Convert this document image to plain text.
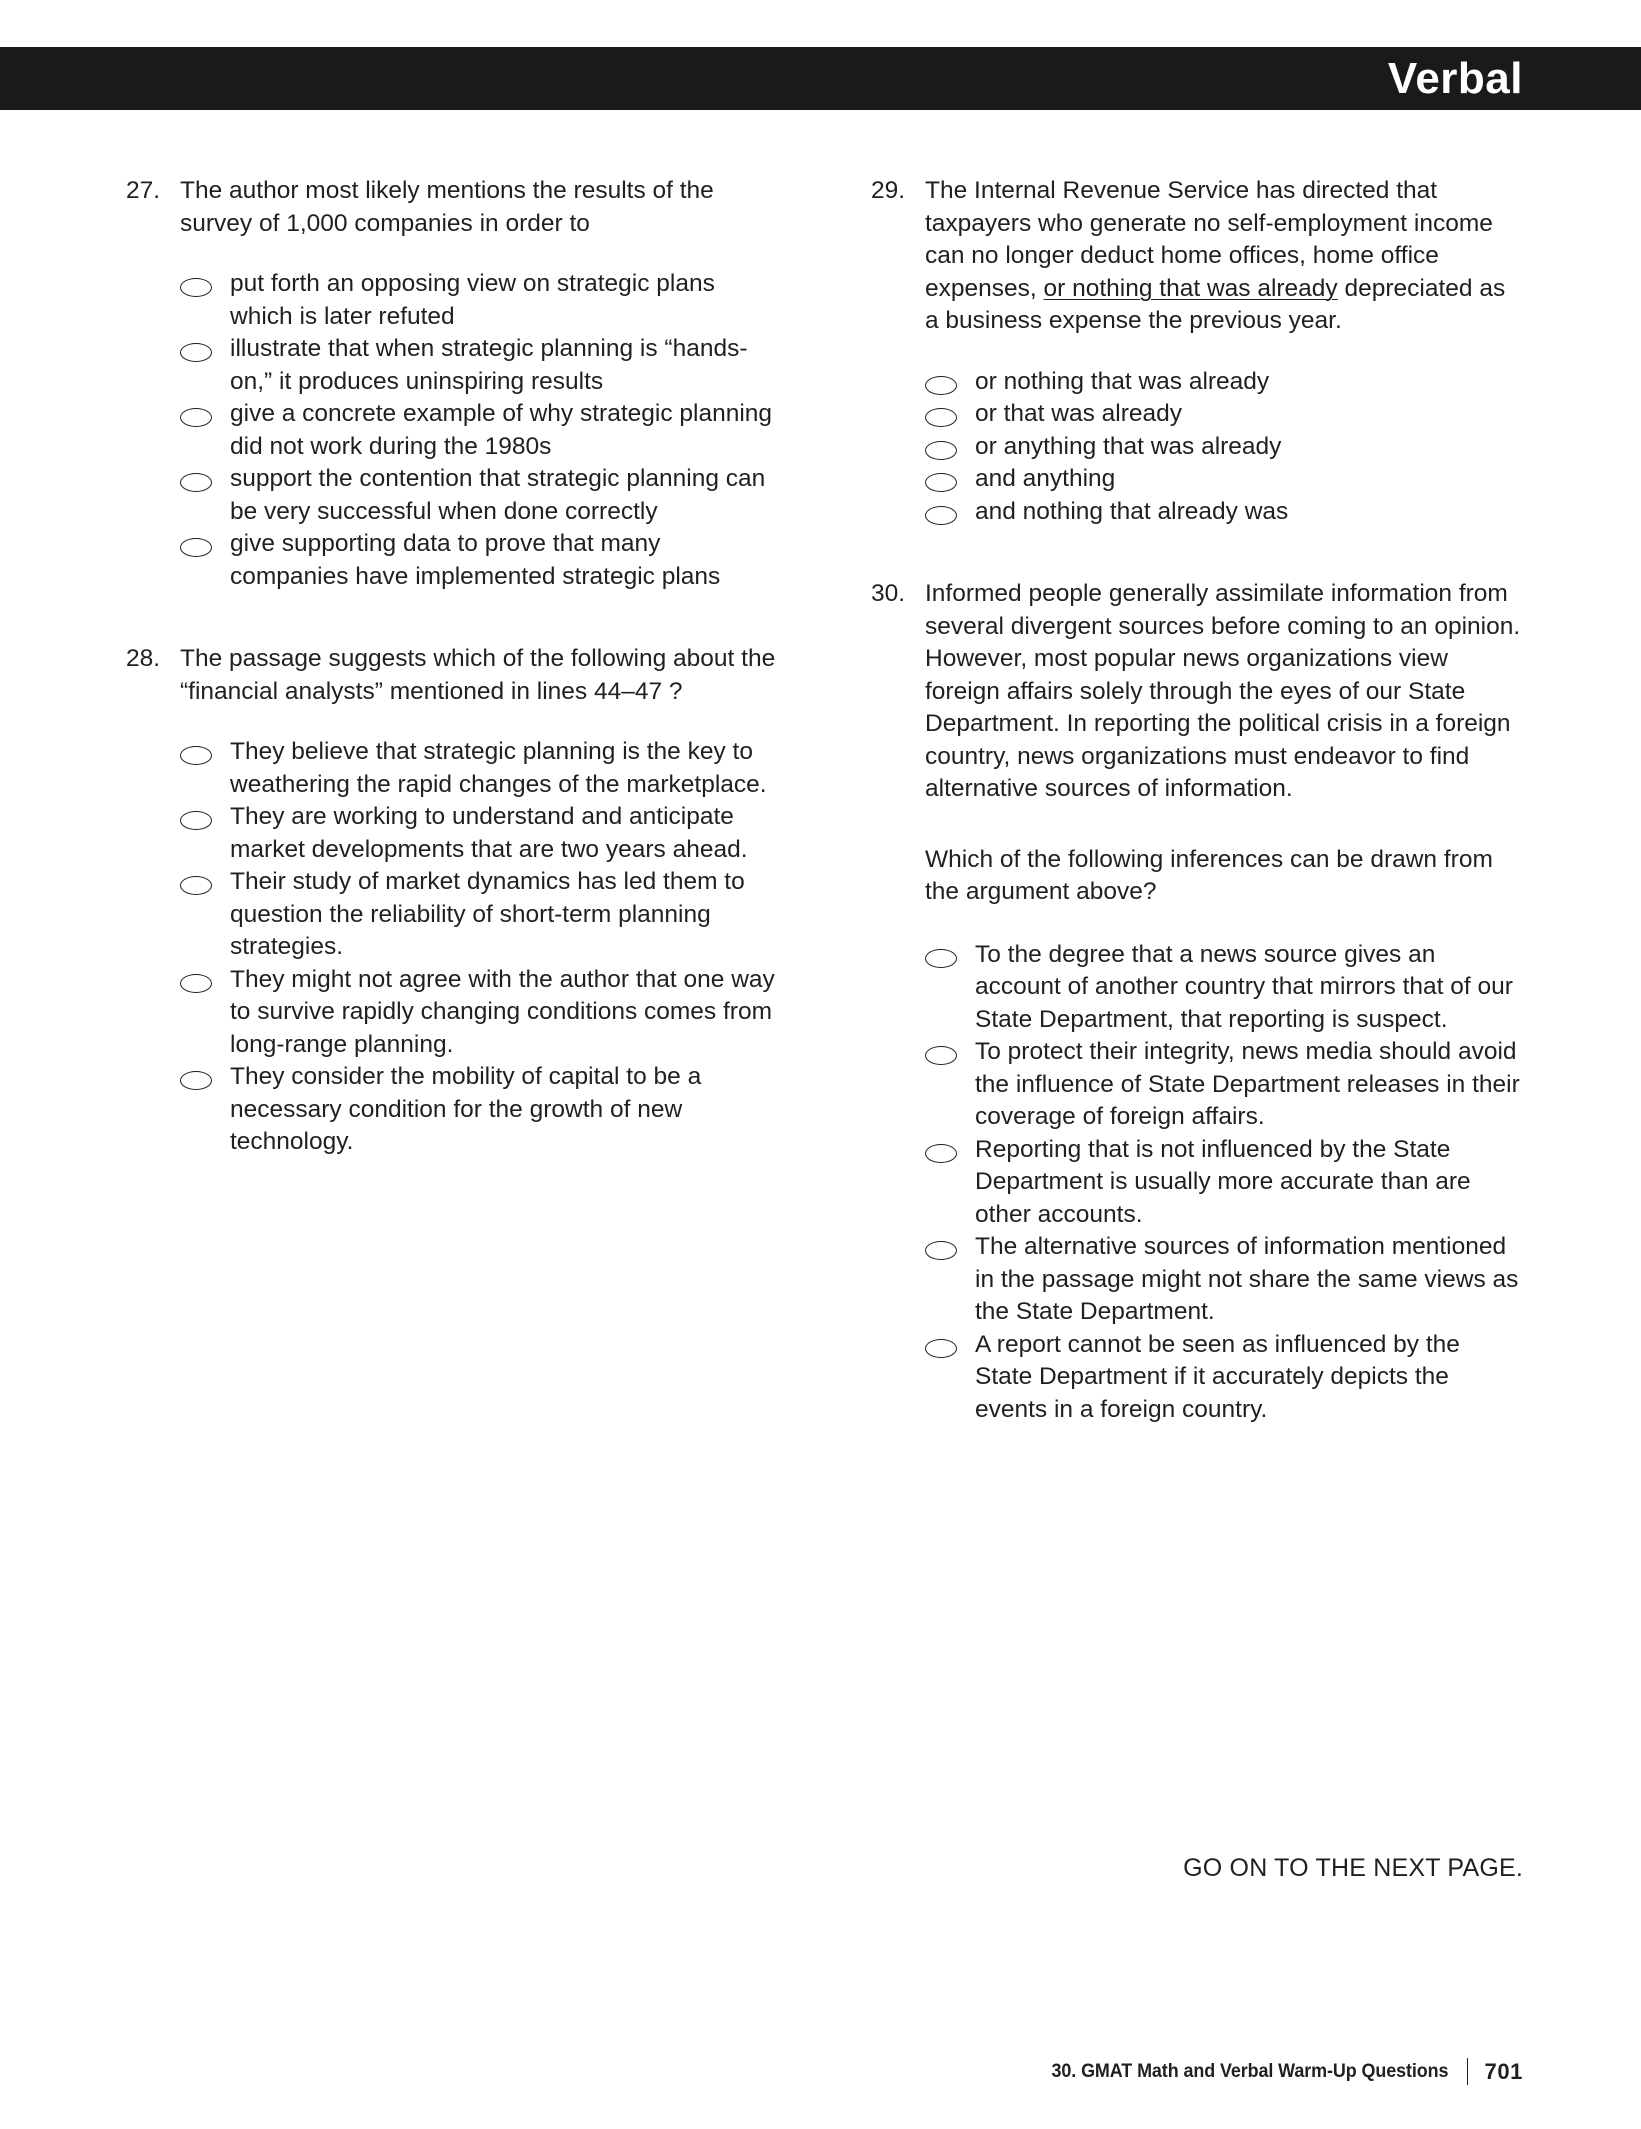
Verbal
27. The author most likely mentions the results of the survey of 1,000 companies in order to
put forth an opposing view on strategic plans which is later refuted
illustrate that when strategic planning is “hands-on,” it produces uninspiring results
give a concrete example of why strategic planning did not work during the 1980s
support the contention that strategic planning can be very successful when done correctly
give supporting data to prove that many companies have implemented strategic plans
28. The passage suggests which of the following about the “financial analysts” mentioned in lines 44–47 ?
They believe that strategic planning is the key to weathering the rapid changes of the marketplace.
They are working to understand and anticipate market developments that are two years ahead.
Their study of market dynamics has led them to question the reliability of short-term planning strategies.
They might not agree with the author that one way to survive rapidly changing conditions comes from long-range planning.
They consider the mobility of capital to be a necessary condition for the growth of new technology.
29. The Internal Revenue Service has directed that taxpayers who generate no self-employment income can no longer deduct home offices, home office expenses, or nothing that was already depreciated as a business expense the previous year.
or nothing that was already
or that was already
or anything that was already
and anything
and nothing that already was
30. Informed people generally assimilate information from several divergent sources before coming to an opinion. However, most popular news organizations view foreign affairs solely through the eyes of our State Department. In reporting the political crisis in a foreign country, news organizations must endeavor to find alternative sources of information.
Which of the following inferences can be drawn from the argument above?
To the degree that a news source gives an account of another country that mirrors that of our State Department, that reporting is suspect.
To protect their integrity, news media should avoid the influence of State Department releases in their coverage of foreign affairs.
Reporting that is not influenced by the State Department is usually more accurate than are other accounts.
The alternative sources of information mentioned in the passage might not share the same views as the State Department.
A report cannot be seen as influenced by the State Department if it accurately depicts the events in a foreign country.
GO ON TO THE NEXT PAGE.
30. GMAT Math and Verbal Warm-Up Questions 701
